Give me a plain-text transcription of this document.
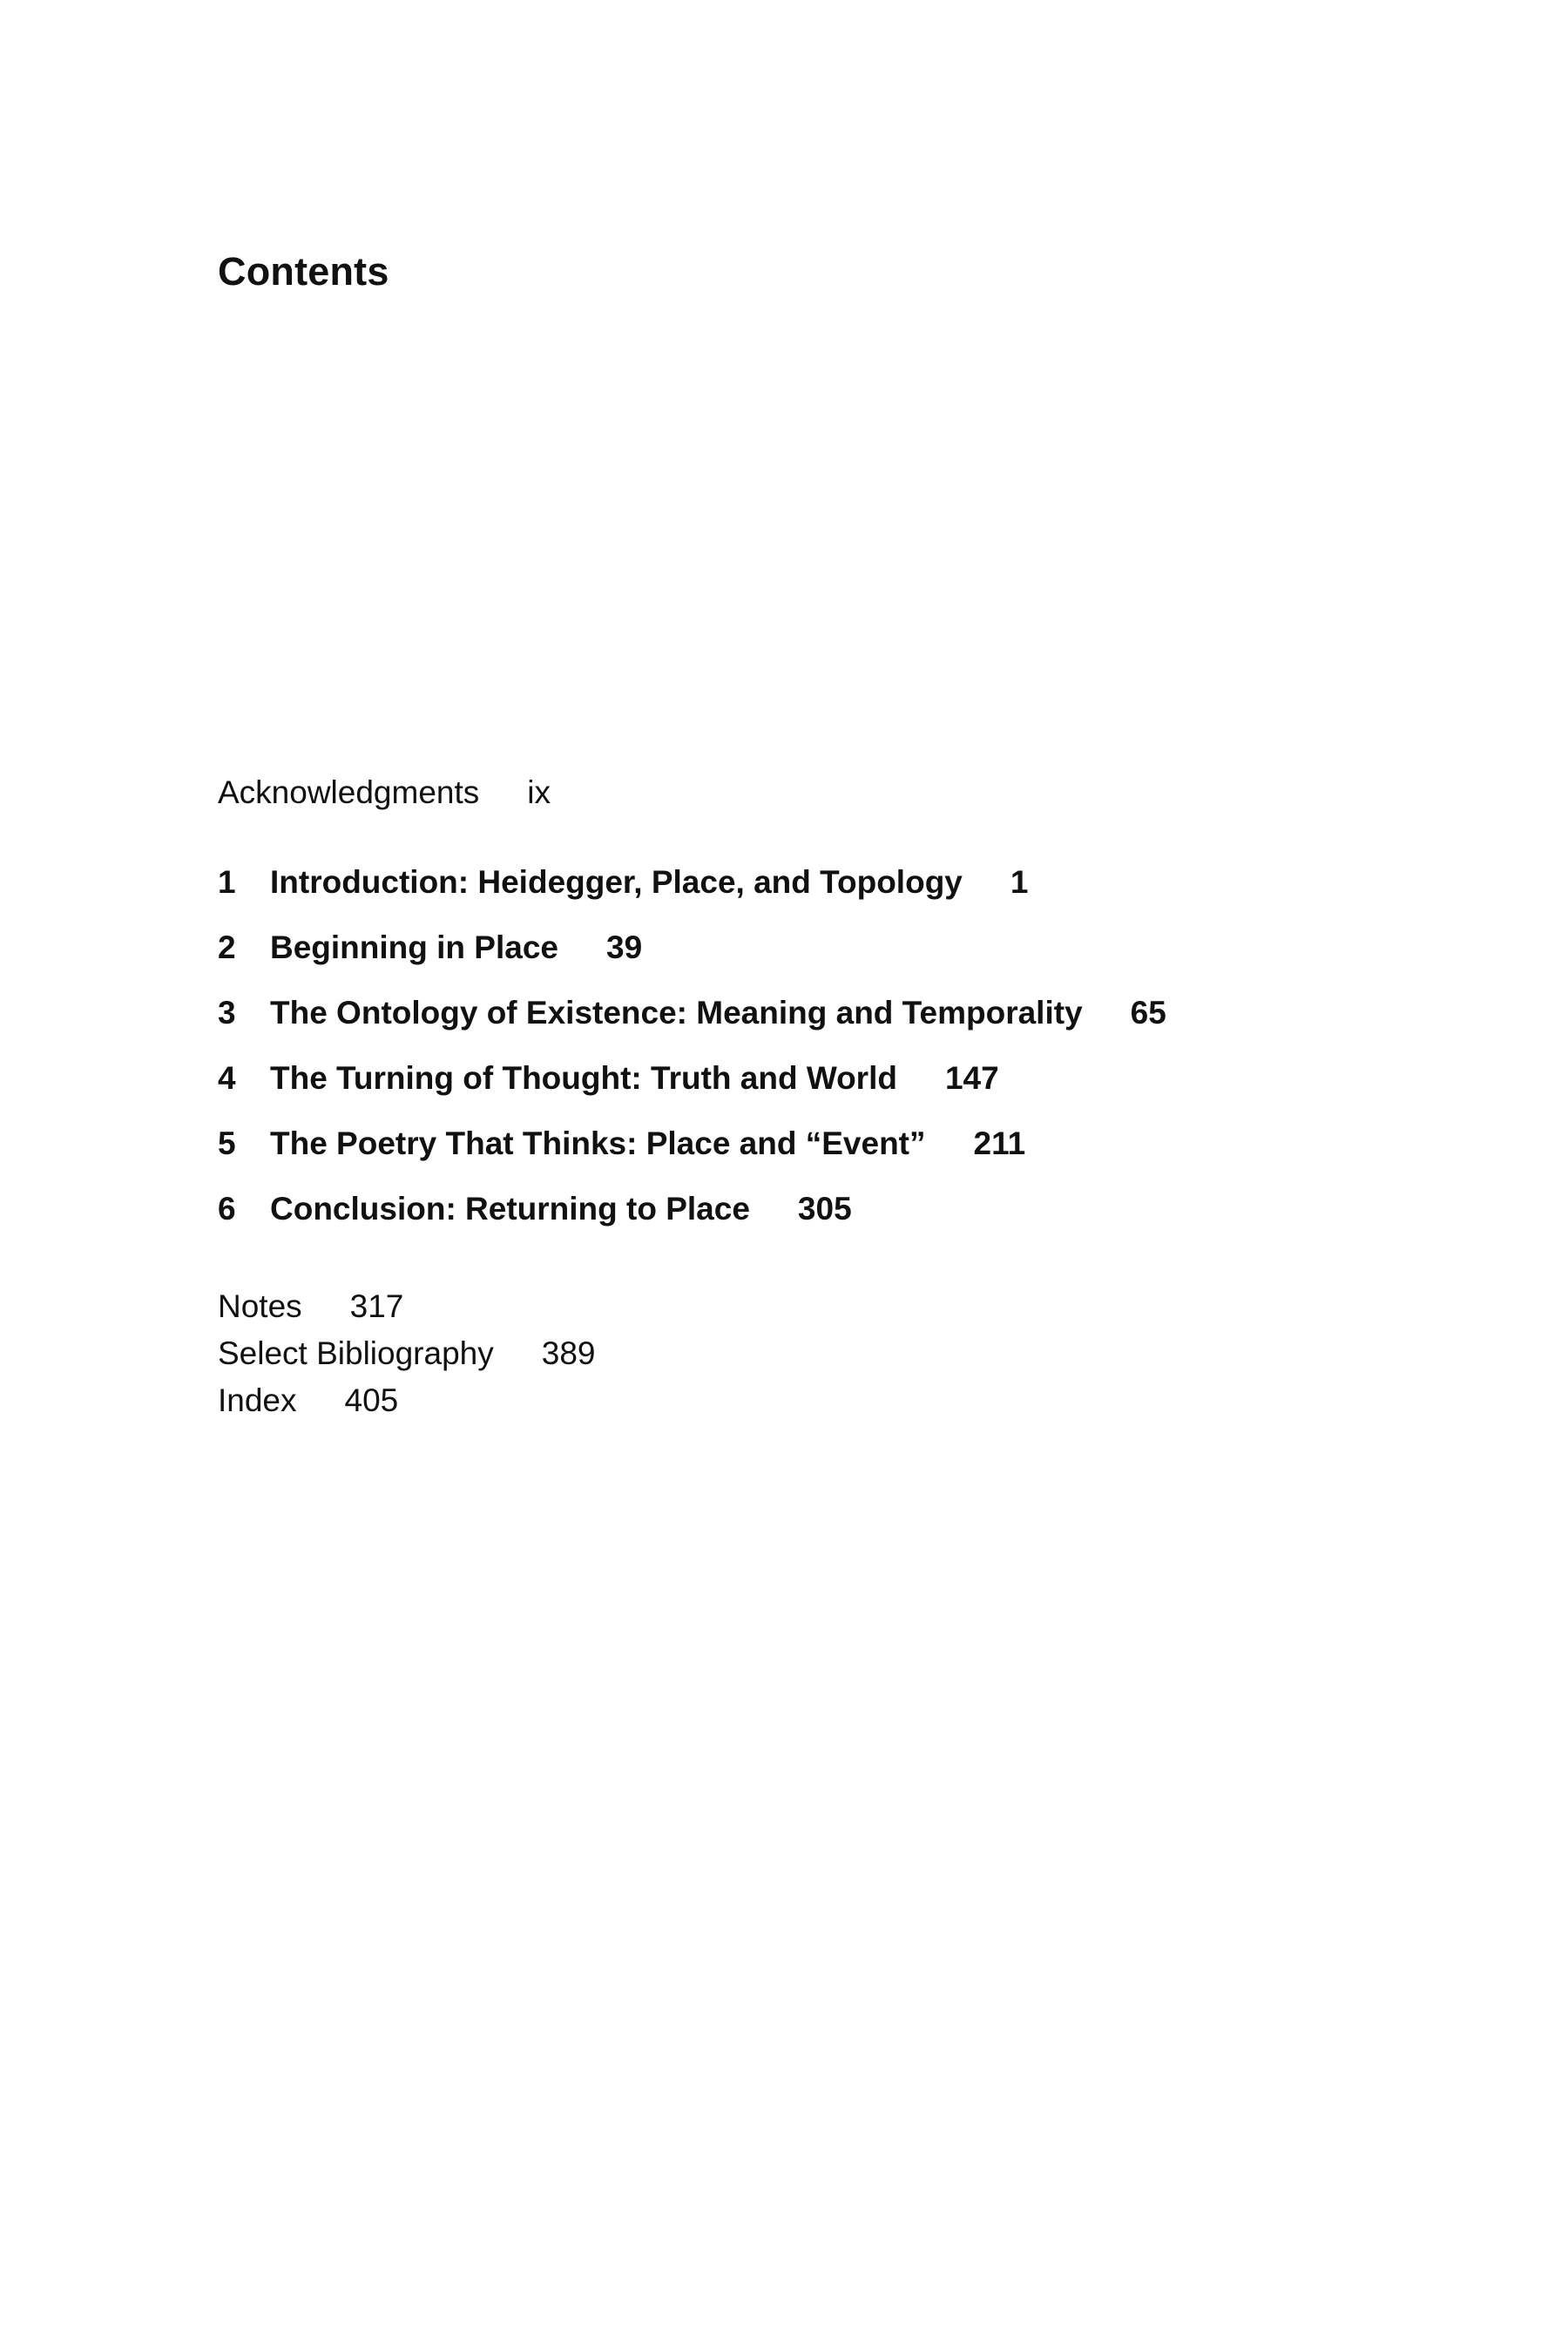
Contents
Acknowledgments ix
1 Introduction: Heidegger, Place, and Topology 1
2 Beginning in Place 39
3 The Ontology of Existence: Meaning and Temporality 65
4 The Turning of Thought: Truth and World 147
5 The Poetry That Thinks: Place and “Event” 211
6 Conclusion: Returning to Place 305
Notes 317
Select Bibliography 389
Index 405
